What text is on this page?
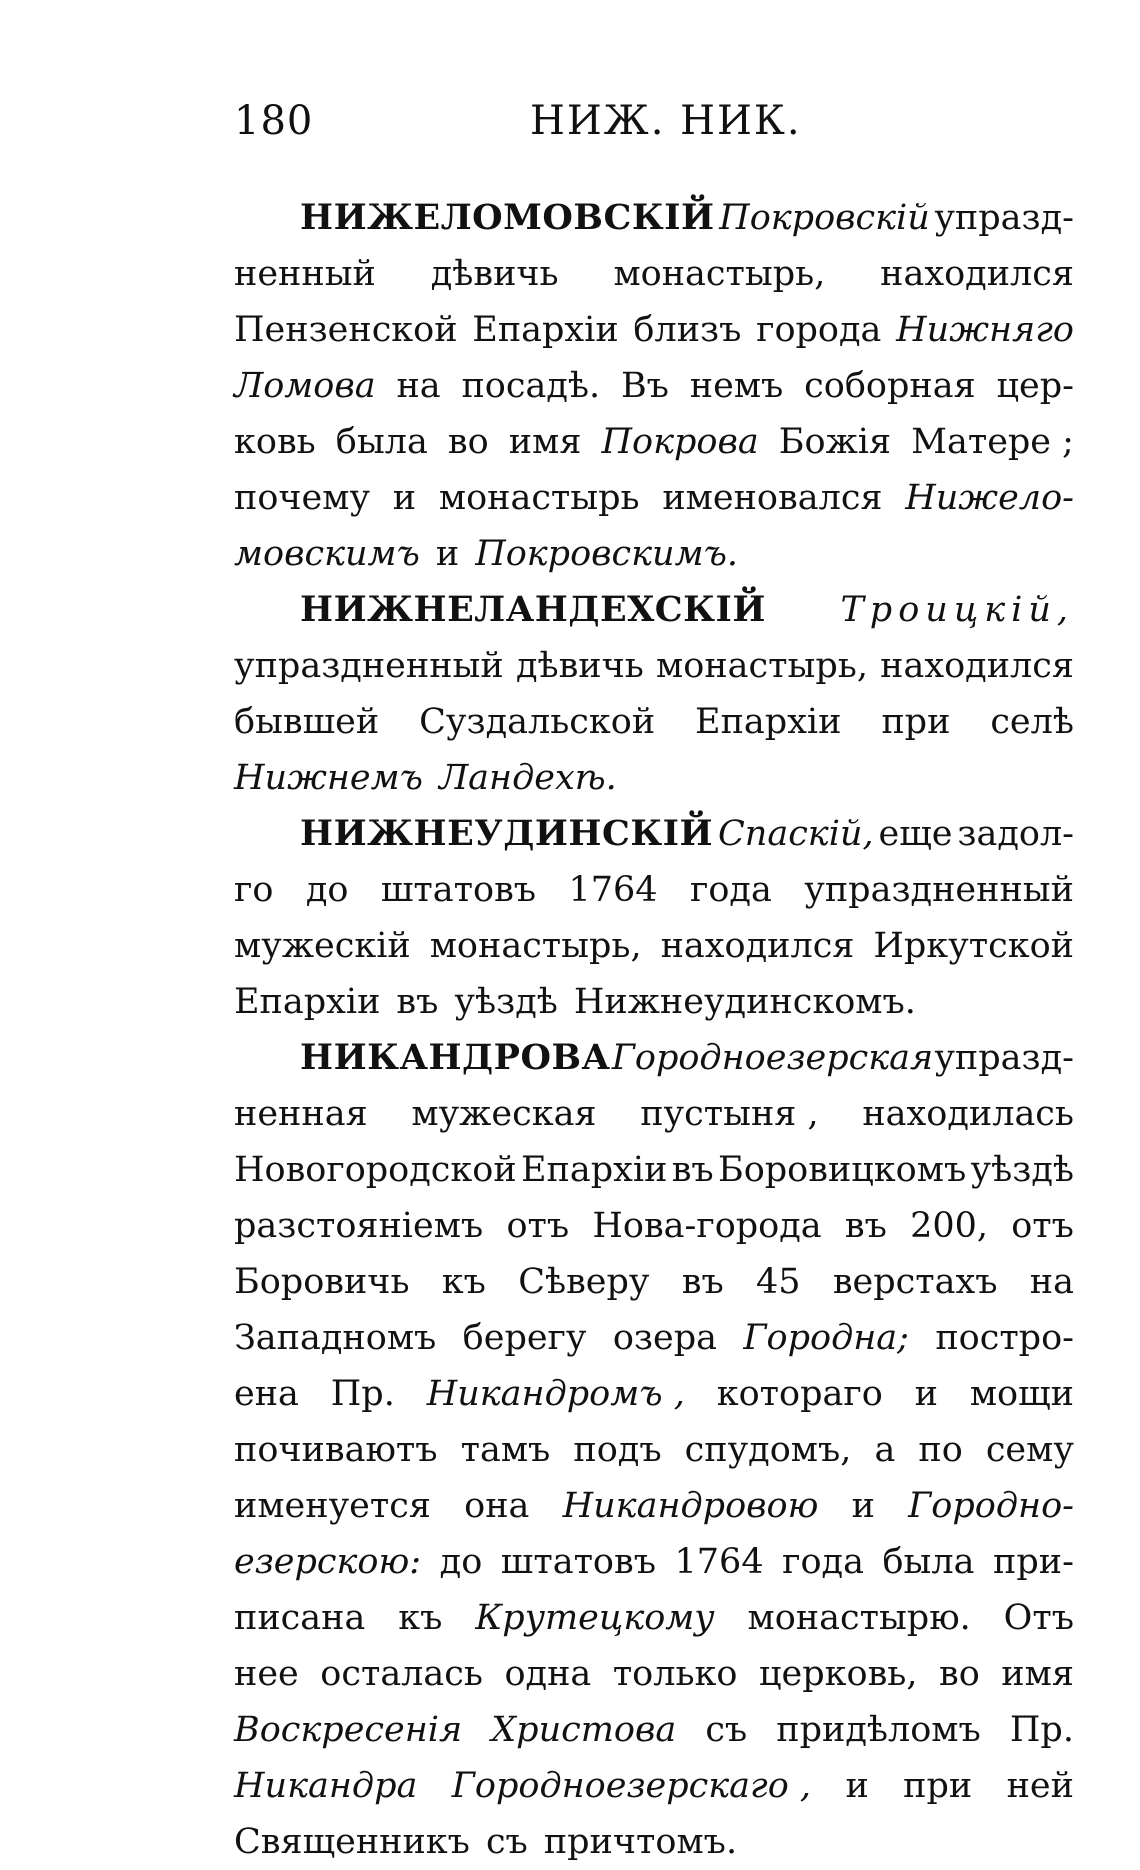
180	НИЖ. НИК.
НИЖЕЛОМОВСКIЙ Покровскiй упразд-
ненный дѣвичь монастырь, находился
Пензенской Епархiи близъ города Нижняго
Ломова на посадѣ. Въ немъ соборная цер-
ковь была во имя Покрова Божiя Матере ;
почему и монастырь именовался Нижело-
мовскимъ и Покровскимъ.
НИЖНЕЛАНДЕХСКIЙ Троицкiй,
упраздненный дѣвичь монастырь, находился
бывшей Суздальской Епархiи при селѣ
Нижнемъ Ландехѣ.
НИЖНЕУДИНСКIЙ Спаскiй, еще задол-
го до штатовъ 1764 года упраздненный
мужескiй монастырь, находился Иркутской
Епархiи въ уѣздѣ Нижнеудинскомъ.
НИКАНДРОВА Городноезерская упразд-
ненная мужеская пустыня , находилась
Новогородской Епархiи въ Боровицкомъ уѣздѣ
разстоянiемъ отъ Нова-города въ 200, отъ
Боровичь къ Сѣверу въ 45 верстахъ на
Западномъ берегу озера Городна; постро-
ена Пр. Никандромъ , котораго и мощи
почиваютъ тамъ подъ спудомъ, а по сему
именуется она Никандровою и Городно-
езерскою: до штатовъ 1764 года была при-
писана къ Крутецкому монастырю. Отъ
нее осталась одна только церковь, во имя
Воскресенiя Христова съ придѣломъ Пр.
Никандра Городноезерскаго , и при ней
Священникъ съ причтомъ.
